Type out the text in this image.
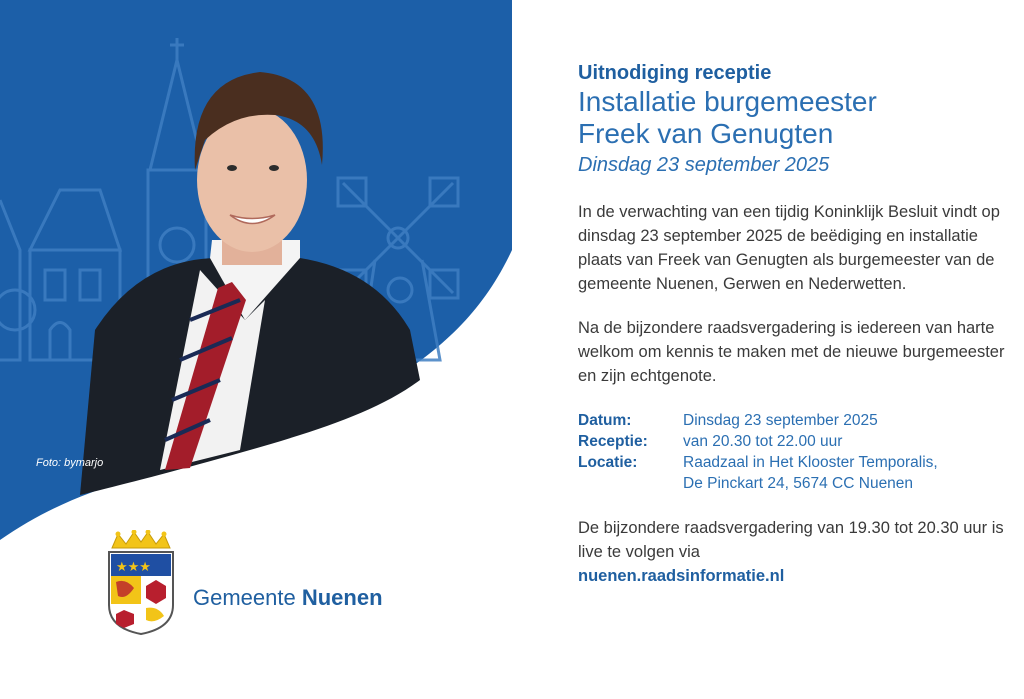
Foto: bymarjo
★★★
Gemeente Nuenen

Uitnodiging receptie

Installatie burgemeester

Freek van Genugten

Dinsdag 23 september 2025

In de verwachting van een tijdig Koninklijk Besluit vindt op dinsdag 23 september 2025 de beëdiging en installatie plaats van Freek van Genugten als burgemeester van de gemeente Nuenen, Gerwen en Nederwetten.

Na de bijzondere raadsvergadering is iedereen van harte welkom om kennis te maken met de nieuwe burgemeester en zijn echtgenote.

Datum:	Dinsdag 23 september 2025
Receptie:	van 20.30 tot 22.00 uur
Locatie:	Raadzaal in Het Klooster Temporalis,
De Pinckart 24, 5674 CC Nuenen
De bijzondere raadsvergadering van 19.30 tot 20.30 uur is live te volgen via
nuenen.raadsinformatie.nl
